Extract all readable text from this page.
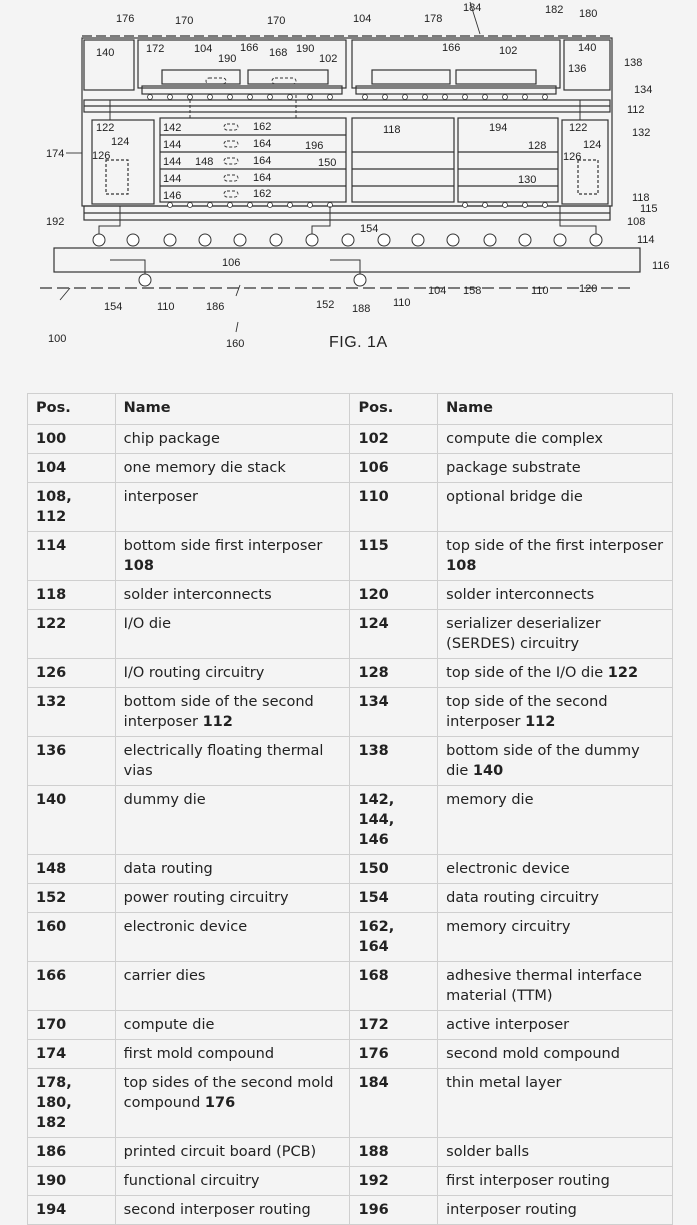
176	170	170	104	178
184	182 180
140	172	104
190
166 168 190
102
166	102	140
136	138
134
112
122
124
142	162	118	194	122	132
174	126
144	164	196	128	124
126
144 148	164	150
144	164	130
146	162	118
115
108
192
154
114
106	116
154	110	186	152 188 110
104 158	110	120
100	160	FIG. 1A
Pos.	Name	Pos.	Name
100	chip package	102	compute die complex
104	one memory die stack	106	package substrate
108, 112	interposer	110	optional bridge die
114	bottom side first interposer 108	115	top side of the first interposer 108
118	solder interconnects	120	solder interconnects
122	I/O die	124	serializer deserializer (SERDES) circuitry
126	I/O routing circuitry	128	top side of the I/O die 122
132	bottom side of the second interposer 112	134	top side of the second interposer 112
136	electrically floating thermal vias	138	bottom side of the dummy die 140
140	dummy die	142, 144, 146	memory die
148	data routing	150	electronic device
152	power routing circuitry	154	data routing circuitry
160	electronic device	162, 164	memory circuitry
166	carrier dies	168	adhesive thermal interface material (TTM)
170	compute die	172	active interposer
174	first mold compound	176	second mold compound
178, 180, 182	top sides of the second mold compound 176	184	thin metal layer
186	printed circuit board (PCB)	188	solder balls
190	functional circuitry	192	first interposer routing
194	second interposer routing	196	interposer routing
